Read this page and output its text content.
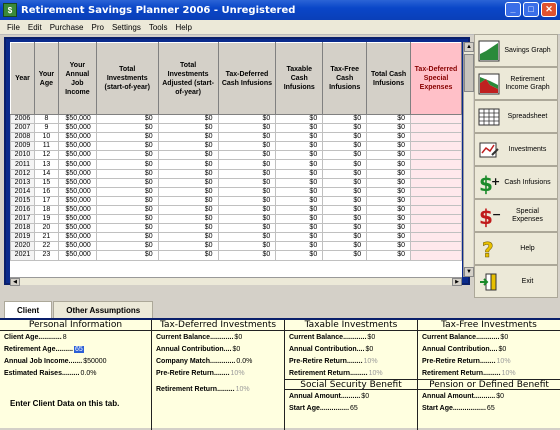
$ Retirement Savings Planner 2006 - Unregistered	_	□	✕
File	Edit	Purchase	Pro	Settings	Tools	Help
Year	Your Age	Your Annual Job Income	Total Investments (start-of-year)	Total Investments Adjusted (start-of-year)	Tax-Deferred Cash Infusions	Taxable Cash Infusions	Tax-Free Cash Infusions	Total Cash Infusions	Tax-Deferred Special Expenses
2006	8	$50,000	$0	$0	$0	$0	$0	$0	
2007	9	$50,000	$0	$0	$0	$0	$0	$0	
2008	10	$50,000	$0	$0	$0	$0	$0	$0	
2009	11	$50,000	$0	$0	$0	$0	$0	$0	
2010	12	$50,000	$0	$0	$0	$0	$0	$0	
2011	13	$50,000	$0	$0	$0	$0	$0	$0	
2012	14	$50,000	$0	$0	$0	$0	$0	$0	
2013	15	$50,000	$0	$0	$0	$0	$0	$0	
2014	16	$50,000	$0	$0	$0	$0	$0	$0	
2015	17	$50,000	$0	$0	$0	$0	$0	$0	
2016	18	$50,000	$0	$0	$0	$0	$0	$0	
2017	19	$50,000	$0	$0	$0	$0	$0	$0	
2018	20	$50,000	$0	$0	$0	$0	$0	$0	
2019	21	$50,000	$0	$0	$0	$0	$0	$0	
2020	22	$50,000	$0	$0	$0	$0	$0	$0	
2021	23	$50,000	$0	$0	$0	$0	$0	$0	
▲
▼
◀	▶
Savings Graph
Retirement Income Graph
Spreadsheet
Investments
$
+ Cash Infusions
$ −	Special Expenses
?	Help
Exit
Client	Other Assumptions
Personal Information
Client Age............ 8
Retirement Age......... 65
Annual Job Income....... $50000
Estimated Raises......... 0.0%
Enter Client Data on this tab.
Tax-Deferred Investments
Current Balance............ $0
Annual Contribution.... $0
Company Match............. 0.0%
Pre-Retire Return........ 10%
Retirement Return......... 10%
Taxable Investments
Current Balance............ $0
Annual Contribution.... $0
Pre-Retire Return........ 10%
Retirement Return......... 10%
Social Security Benefit
Annual Amount.......... $0
Start Age............... 65
Tax-Free Investments
Current Balance............ $0
Annual Contribution.... $0
Pre-Retire Return........ 10%
Retirement Return......... 10%
Pension or Defined Benefit
Annual Amount........... $0
Start Age................. 65
